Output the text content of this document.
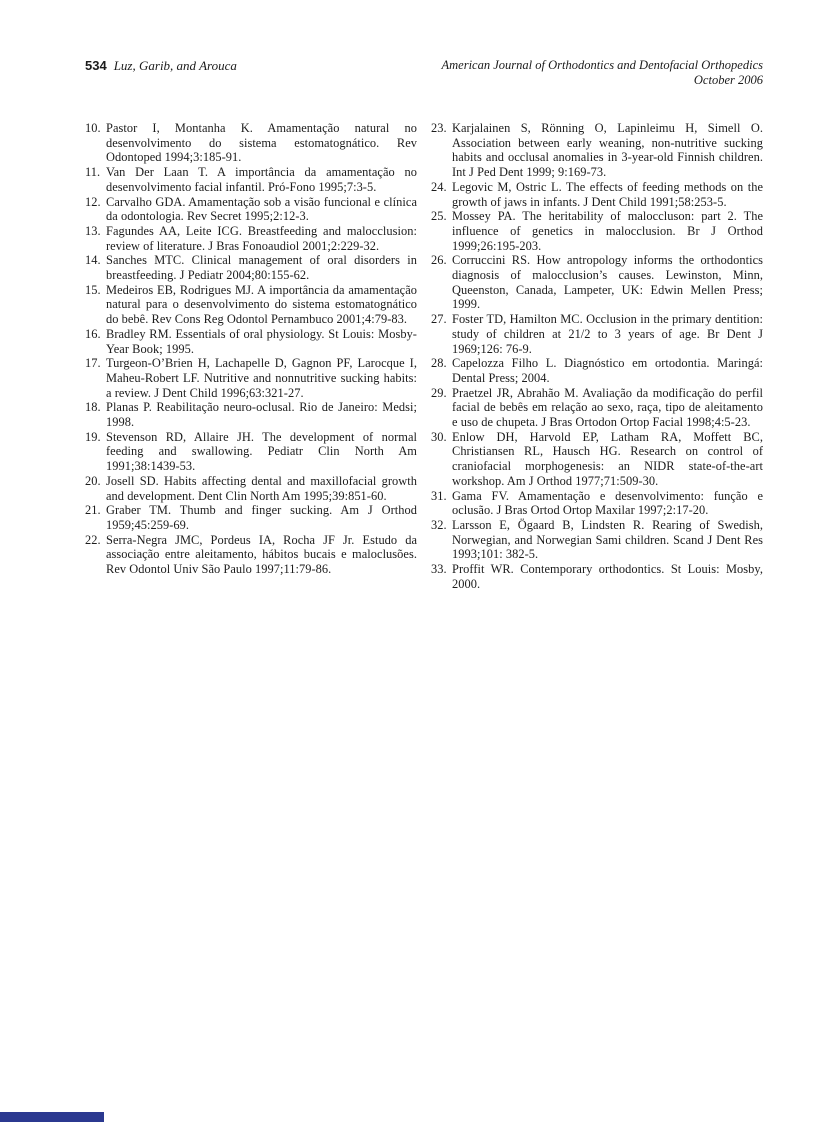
534 Luz, Garib, and Arouca	American Journal of Orthodontics and Dentofacial Orthopedics
October 2006
10. Pastor I, Montanha K. Amamentação natural no desenvolvimento do sistema estomatognático. Rev Odontoped 1994;3:185-91.
11. Van Der Laan T. A importância da amamentação no desenvolvimento facial infantil. Pró-Fono 1995;7:3-5.
12. Carvalho GDA. Amamentação sob a visão funcional e clínica da odontologia. Rev Secret 1995;2:12-3.
13. Fagundes AA, Leite ICG. Breastfeeding and malocclusion: review of literature. J Bras Fonoaudiol 2001;2:229-32.
14. Sanches MTC. Clinical management of oral disorders in breastfeeding. J Pediatr 2004;80:155-62.
15. Medeiros EB, Rodrigues MJ. A importância da amamentação natural para o desenvolvimento do sistema estomatognático do bebê. Rev Cons Reg Odontol Pernambuco 2001;4:79-83.
16. Bradley RM. Essentials of oral physiology. St Louis: Mosby-Year Book; 1995.
17. Turgeon-O’Brien H, Lachapelle D, Gagnon PF, Larocque I, Maheu-Robert LF. Nutritive and nonnutritive sucking habits: a review. J Dent Child 1996;63:321-27.
18. Planas P. Reabilitação neuro-oclusal. Rio de Janeiro: Medsi; 1998.
19. Stevenson RD, Allaire JH. The development of normal feeding and swallowing. Pediatr Clin North Am 1991;38:1439-53.
20. Josell SD. Habits affecting dental and maxillofacial growth and development. Dent Clin North Am 1995;39:851-60.
21. Graber TM. Thumb and finger sucking. Am J Orthod 1959;45:259-69.
22. Serra-Negra JMC, Pordeus IA, Rocha JF Jr. Estudo da associação entre aleitamento, hábitos bucais e maloclusões. Rev Odontol Univ São Paulo 1997;11:79-86.
23. Karjalainen S, Rönning O, Lapinleimu H, Simell O. Association between early weaning, non-nutritive sucking habits and occlusal anomalies in 3-year-old Finnish children. Int J Ped Dent 1999; 9:169-73.
24. Legovic M, Ostric L. The effects of feeding methods on the growth of jaws in infants. J Dent Child 1991;58:253-5.
25. Mossey PA. The heritability of maloccluson: part 2. The influence of genetics in malocclusion. Br J Orthod 1999;26:195-203.
26. Corruccini RS. How antropology informs the orthodontics diagnosis of malocclusion’s causes. Lewinston, Minn, Queenston, Canada, Lampeter, UK: Edwin Mellen Press; 1999.
27. Foster TD, Hamilton MC. Occlusion in the primary dentition: study of children at 21/2 to 3 years of age. Br Dent J 1969;126: 76-9.
28. Capelozza Filho L. Diagnóstico em ortodontia. Maringá: Dental Press; 2004.
29. Praetzel JR, Abrahão M. Avaliação da modificação do perfil facial de bebês em relação ao sexo, raça, tipo de aleitamento e uso de chupeta. J Bras Ortodon Ortop Facial 1998;4:5-23.
30. Enlow DH, Harvold EP, Latham RA, Moffett BC, Christiansen RL, Hausch HG. Research on control of craniofacial morphogenesis: an NIDR state-of-the-art workshop. Am J Orthod 1977;71:509-30.
31. Gama FV. Amamentação e desenvolvimento: função e oclusão. J Bras Ortod Ortop Maxilar 1997;2:17-20.
32. Larsson E, Ögaard B, Lindsten R. Rearing of Swedish, Norwegian, and Norwegian Sami children. Scand J Dent Res 1993;101: 382-5.
33. Proffit WR. Contemporary orthodontics. St Louis: Mosby, 2000.
